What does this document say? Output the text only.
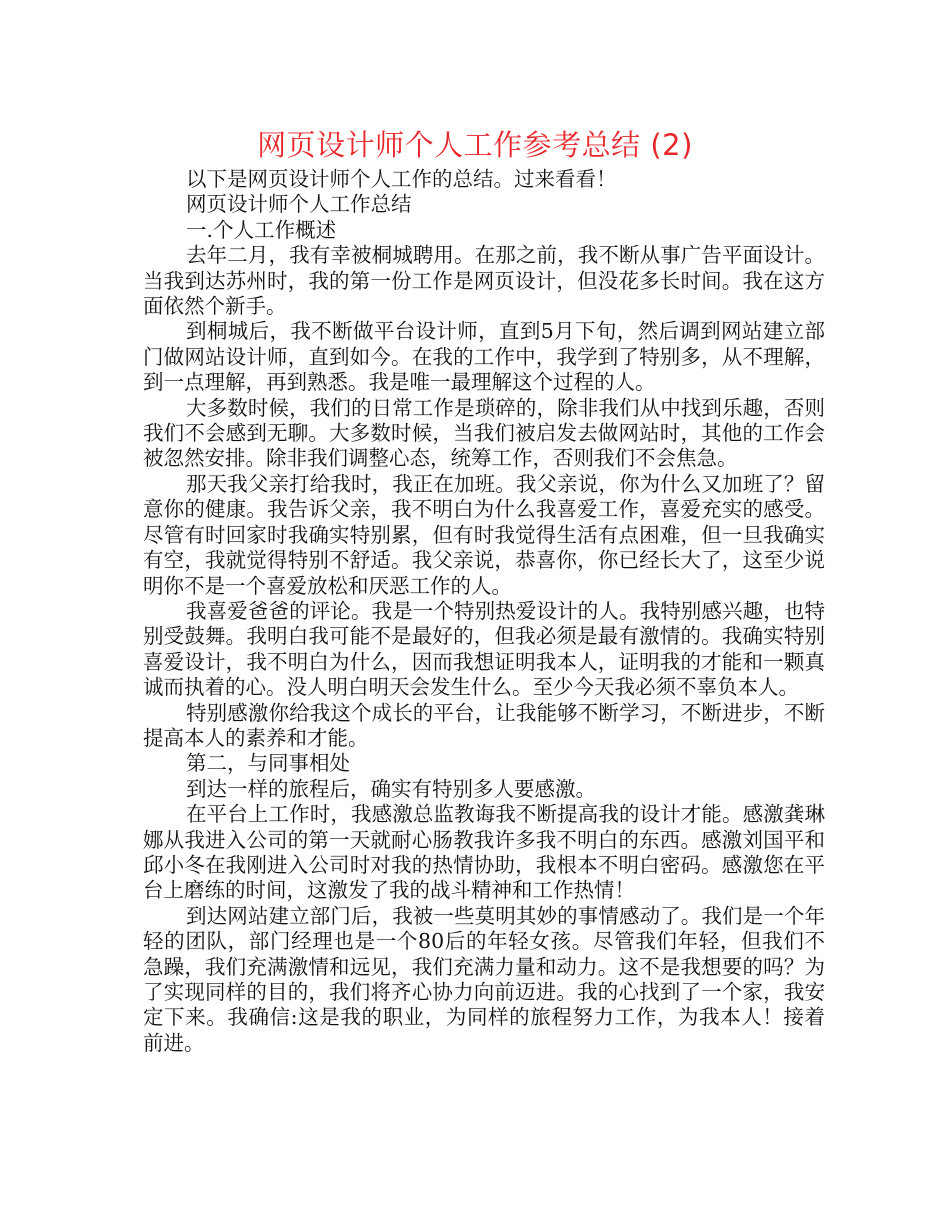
网页设计师个人工作参考总结 (2)

以下是网页设计师个人工作的总结。过来看看！

网页设计师个人工作总结

一.个人工作概述

去年二月，我有幸被桐城聘用。在那之前，我不断从事广告平面设计。当我到达苏州时，我的第一份工作是网页设计，但没花多长时间。我在这方面依然个新手。

到桐城后，我不断做平台设计师，直到5月下旬，然后调到网站建立部门做网站设计师，直到如今。在我的工作中，我学到了特别多，从不理解，到一点理解，再到熟悉。我是唯一最理解这个过程的人。

大多数时候，我们的日常工作是琐碎的，除非我们从中找到乐趣，否则我们不会感到无聊。大多数时候，当我们被启发去做网站时，其他的工作会被忽然安排。除非我们调整心态，统筹工作，否则我们不会焦急。

那天我父亲打给我时，我正在加班。我父亲说，你为什么又加班了？留意你的健康。我告诉父亲，我不明白为什么我喜爱工作，喜爱充实的感受。尽管有时回家时我确实特别累，但有时我觉得生活有点困难，但一旦我确实有空，我就觉得特别不舒适。我父亲说，恭喜你，你已经长大了，这至少说明你不是一个喜爱放松和厌恶工作的人。

我喜爱爸爸的评论。我是一个特别热爱设计的人。我特别感兴趣，也特别受鼓舞。我明白我可能不是最好的，但我必须是最有激情的。我确实特别喜爱设计，我不明白为什么，因而我想证明我本人，证明我的才能和一颗真诚而执着的心。没人明白明天会发生什么。至少今天我必须不辜负本人。

特别感激你给我这个成长的平台，让我能够不断学习，不断进步，不断提高本人的素养和才能。

第二，与同事相处

到达一样的旅程后，确实有特别多人要感激。

在平台上工作时，我感激总监教诲我不断提高我的设计才能。感激龚琳娜从我进入公司的第一天就耐心肠教我许多我不明白的东西。感激刘国平和邱小冬在我刚进入公司时对我的热情协助，我根本不明白密码。感激您在平台上磨练的时间，这激发了我的战斗精神和工作热情！

到达网站建立部门后，我被一些莫明其妙的事情感动了。我们是一个年轻的团队，部门经理也是一个80后的年轻女孩。尽管我们年轻，但我们不急躁，我们充满激情和远见，我们充满力量和动力。这不是我想要的吗？为了实现同样的目的，我们将齐心协力向前迈进。我的心找到了一个家，我安定下来。我确信:这是我的职业，为同样的旅程努力工作，为我本人！接着前进。
